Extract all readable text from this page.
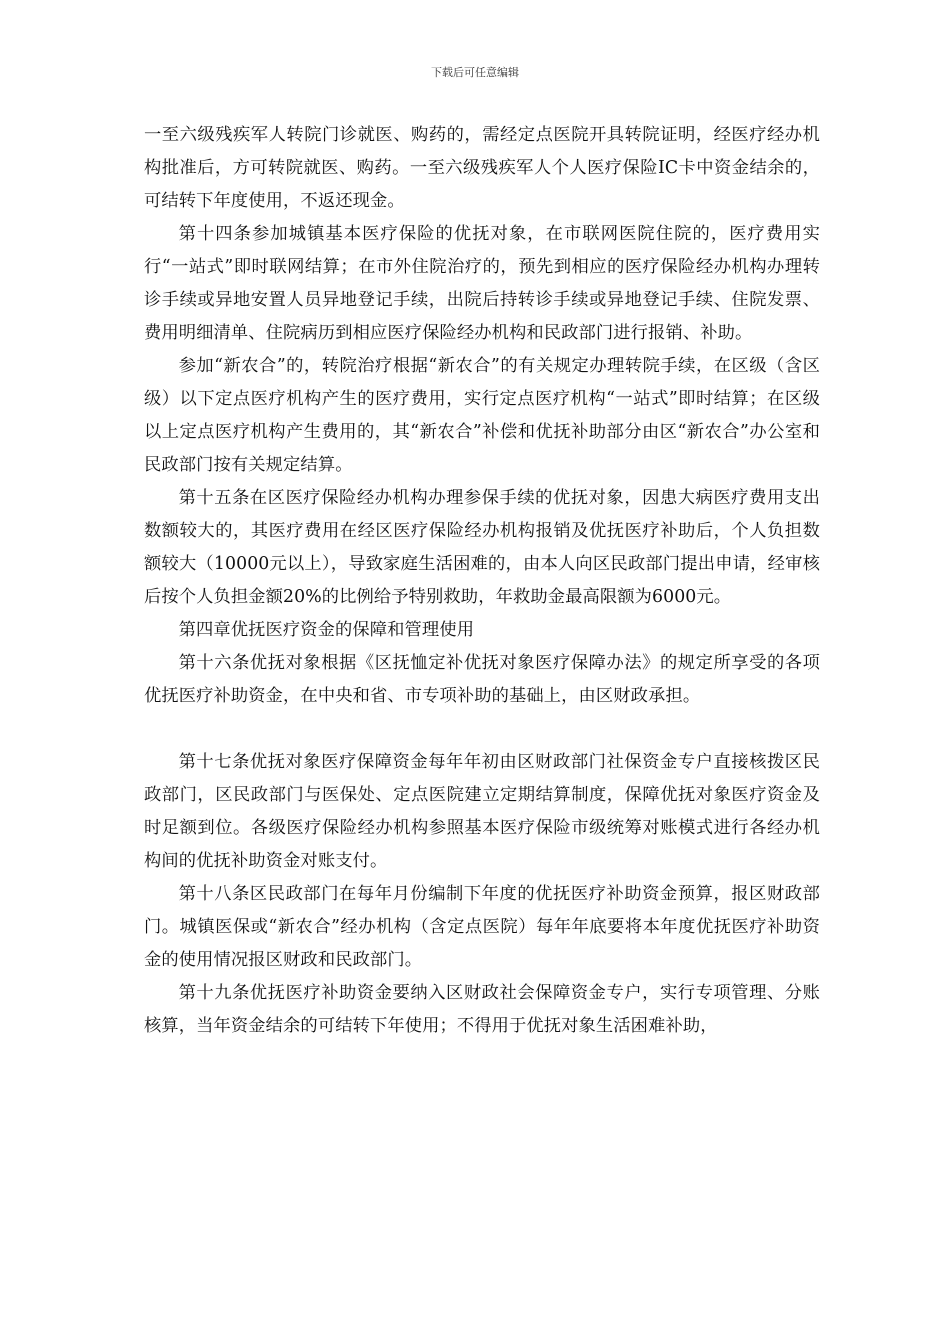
下载后可任意编辑

一至六级残疾军人转院门诊就医、购药的，需经定点医院开具转院证明，经医疗经办机构批准后，方可转院就医、购药。一至六级残疾军人个人医疗保险IC卡中资金结余的，可结转下年度使用，不返还现金。

第十四条参加城镇基本医疗保险的优抚对象，在市联网医院住院的，医疗费用实行“一站式”即时联网结算；在市外住院治疗的，预先到相应的医疗保险经办机构办理转诊手续或异地安置人员异地登记手续，出院后持转诊手续或异地登记手续、住院发票、费用明细清单、住院病历到相应医疗保险经办机构和民政部门进行报销、补助。

参加“新农合”的，转院治疗根据“新农合”的有关规定办理转院手续，在区级（含区级）以下定点医疗机构产生的医疗费用，实行定点医疗机构“一站式”即时结算；在区级以上定点医疗机构产生费用的，其“新农合”补偿和优抚补助部分由区“新农合”办公室和民政部门按有关规定结算。

第十五条在区医疗保险经办机构办理参保手续的优抚对象，因患大病医疗费用支出数额较大的，其医疗费用在经区医疗保险经办机构报销及优抚医疗补助后，个人负担数额较大（10000元以上），导致家庭生活困难的，由本人向区民政部门提出申请，经审核后按个人负担金额20%的比例给予特别救助，年救助金最高限额为6000元。

第四章优抚医疗资金的保障和管理使用

第十六条优抚对象根据《区抚恤定补优抚对象医疗保障办法》的规定所享受的各项优抚医疗补助资金，在中央和省、市专项补助的基础上，由区财政承担。

第十七条优抚对象医疗保障资金每年年初由区财政部门社保资金专户直接核拨区民政部门，区民政部门与医保处、定点医院建立定期结算制度，保障优抚对象医疗资金及时足额到位。各级医疗保险经办机构参照基本医疗保险市级统筹对账模式进行各经办机构间的优抚补助资金对账支付。

第十八条区民政部门在每年月份编制下年度的优抚医疗补助资金预算，报区财政部门。城镇医保或“新农合”经办机构（含定点医院）每年年底要将本年度优抚医疗补助资金的使用情况报区财政和民政部门。

第十九条优抚医疗补助资金要纳入区财政社会保障资金专户，实行专项管理、分账核算，当年资金结余的可结转下年使用；不得用于优抚对象生活困难补助，
